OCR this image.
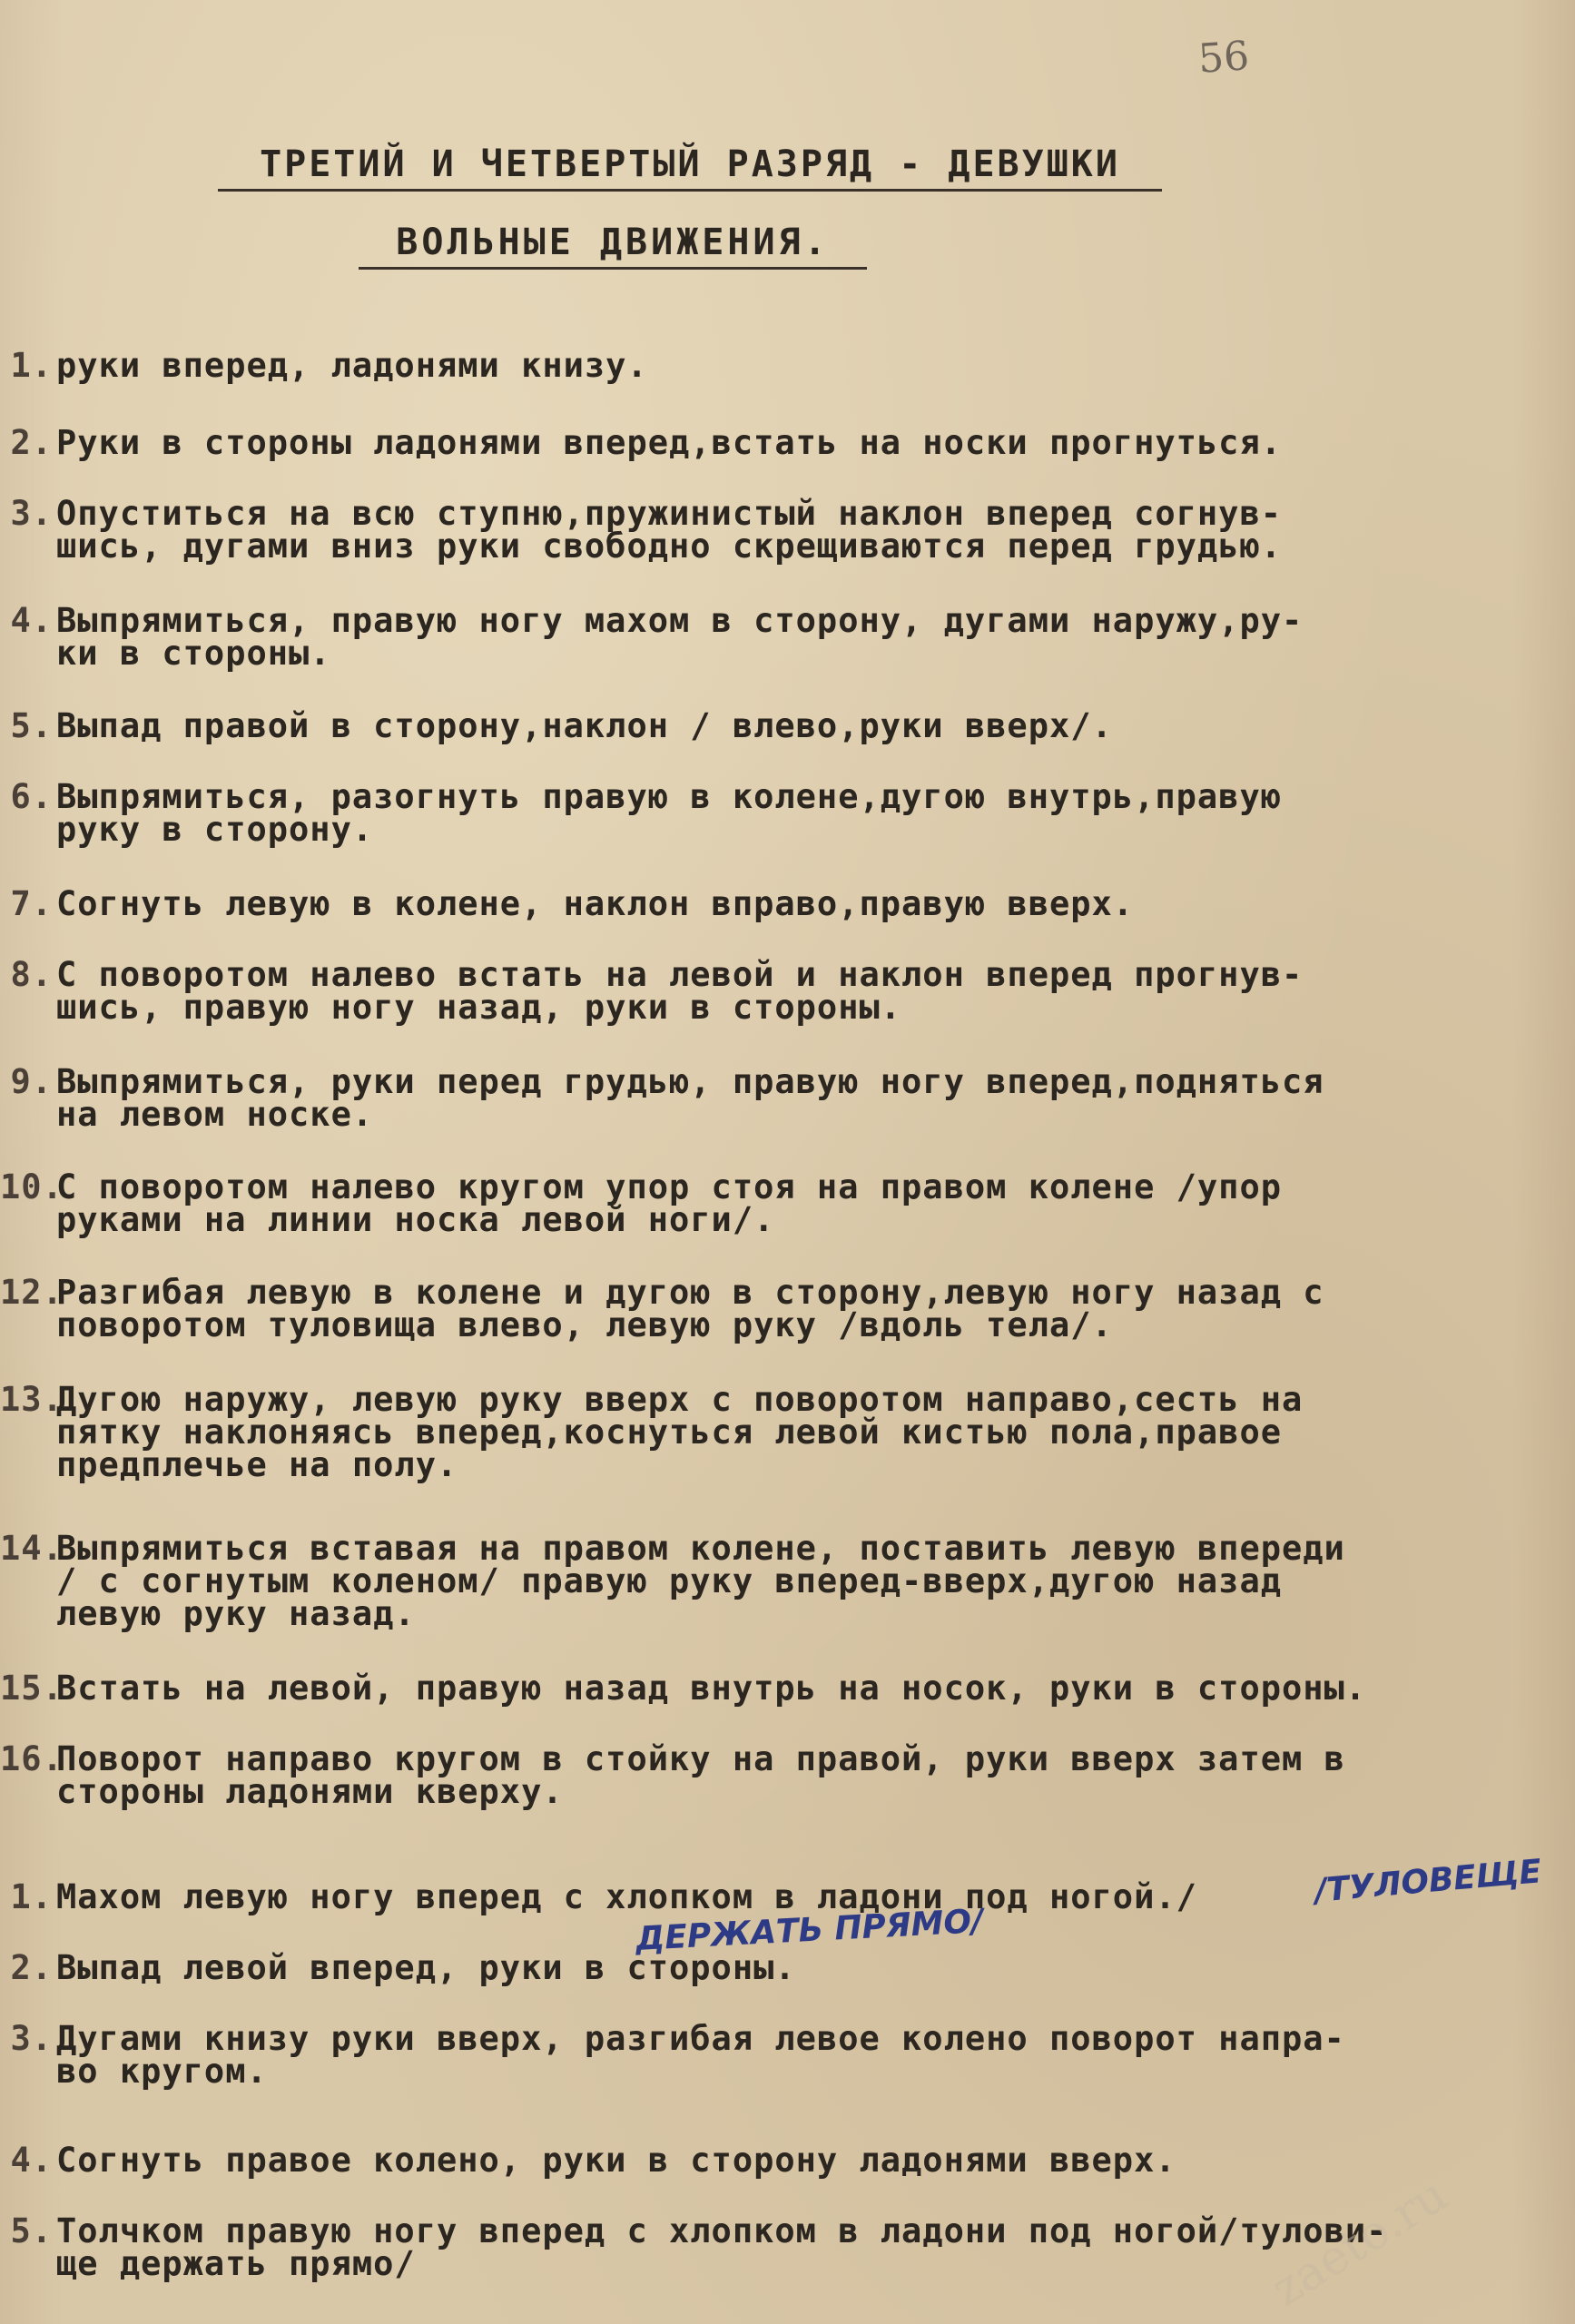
56
ТРЕТИЙ И ЧЕТВЕРТЫЙ РАЗРЯД - ДЕВУШКИ
ВОЛЬНЫЕ ДВИЖЕНИЯ.
1. руки вперед, ладонями книзу.
2. Руки в стороны ладонями вперед,встать на носки прогнуться.
3. Опуститься на всю ступню,пружинистый наклон вперед согнув-
шись, дугами вниз руки свободно скрещиваются перед грудью.
4. Выпрямиться, правую ногу махом в сторону, дугами наружу,ру-
ки в стороны.
5. Выпад правой в сторону,наклон / влево,руки вверх/.
6. Выпрямиться, разогнуть правую в колене,дугою внутрь,правую
руку в сторону.
7. Согнуть левую в колене, наклон вправо,правую вверх.
8. С поворотом налево встать на левой и наклон вперед прогнув-
шись, правую ногу назад, руки в стороны.
9. Выпрямиться, руки перед грудью, правую ногу вперед,подняться
на левом носке.
10.
С поворотом налево кругом упор стоя на правом колене /упор
руками на линии носка левой ноги/.
12.
Разгибая левую в колене и дугою в сторону,левую ногу назад с
поворотом туловища влево, левую руку /вдоль тела/.
13.
Дугою наружу, левую руку вверх с поворотом направо,сесть на
пятку наклоняясь вперед,коснуться левой кистью пола,правое
предплечье на полу.
14.
Выпрямиться вставая на правом колене, поставить левую впереди
/ с согнутым коленом/ правую руку вперед-вверх,дугою назад
левую руку назад.
15.
Встать на левой, правую назад внутрь на носок, руки в стороны.
16.
Поворот направо кругом в стойку на правой, руки вверх затем в
стороны ладонями кверху.
1. Махом левую ногу вперед с хлопком в ладони под ногой./
2. Выпад левой вперед, руки в стороны.
3. Дугами книзу руки вверх, разгибая левое колено поворот напра-
во кругом.
4. Согнуть правое колено, руки в сторону ладонями вверх.
5. Толчком правую ногу вперед с хлопком в ладони под ногой/тулови-
ще держать прямо/
/ТУЛОВЕЩЕ
ДЕРЖАТЬ ПРЯМО/
zaeto.ru
